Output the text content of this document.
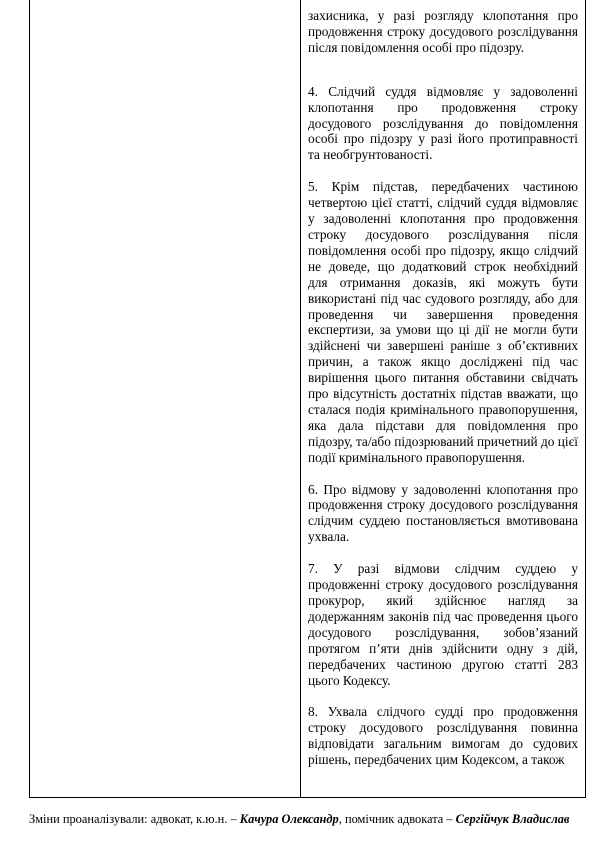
захисника, у разі розгляду клопотання про продовження строку досудового розслідування після повідомлення особі про підозру.

4. Слідчий суддя відмовляє у задоволенні клопотання про продовження строку досудового розслідування до повідомлення особі про підозру у разі його протиправності та необгрунтованості.

5. Крім підстав, передбачених частиною четвертою цієї статті, слідчий суддя відмовляє у задоволенні клопотання про продовження строку досудового розслідування після повідомлення особі про підозру, якщо слідчий не доведе, що додатковий строк необхідний для отримання доказів, які можуть бути використані під час судового розгляду, або для проведення чи завершення проведення експертизи, за умови що ці дії не могли бути здійснені чи завершені раніше з об’єктивних причин, а також якщо досліджені під час вирішення цього питання обставини свідчать про відсутність достатніх підстав вважати, що сталася подія кримінального правопорушення, яка дала підстави для повідомлення про підозру, та/або підозрюваний причетний до цієї події кримінального правопорушення.

6. Про відмову у задоволенні клопотання про продовження строку досудового розслідування слідчим суддею постановляється вмотивована ухвала.

7. У разі відмови слідчим суддею у продовженні строку досудового розслідування прокурор, який здійснює нагляд за додержанням законів під час проведення цього досудового розслідування, зобов’язаний протягом п’яти днів здійснити одну з дій, передбачених частиною другою статті 283 цього Кодексу.

8. Ухвала слідчого судді про продовження строку досудового розслідування повинна відповідати загальним вимогам до судових рішень, передбачених цим Кодексом, а також

Зміни проаналізували: адвокат, к.ю.н. – Качура Олександр, помічник адвоката – Сергійчук Владислав
